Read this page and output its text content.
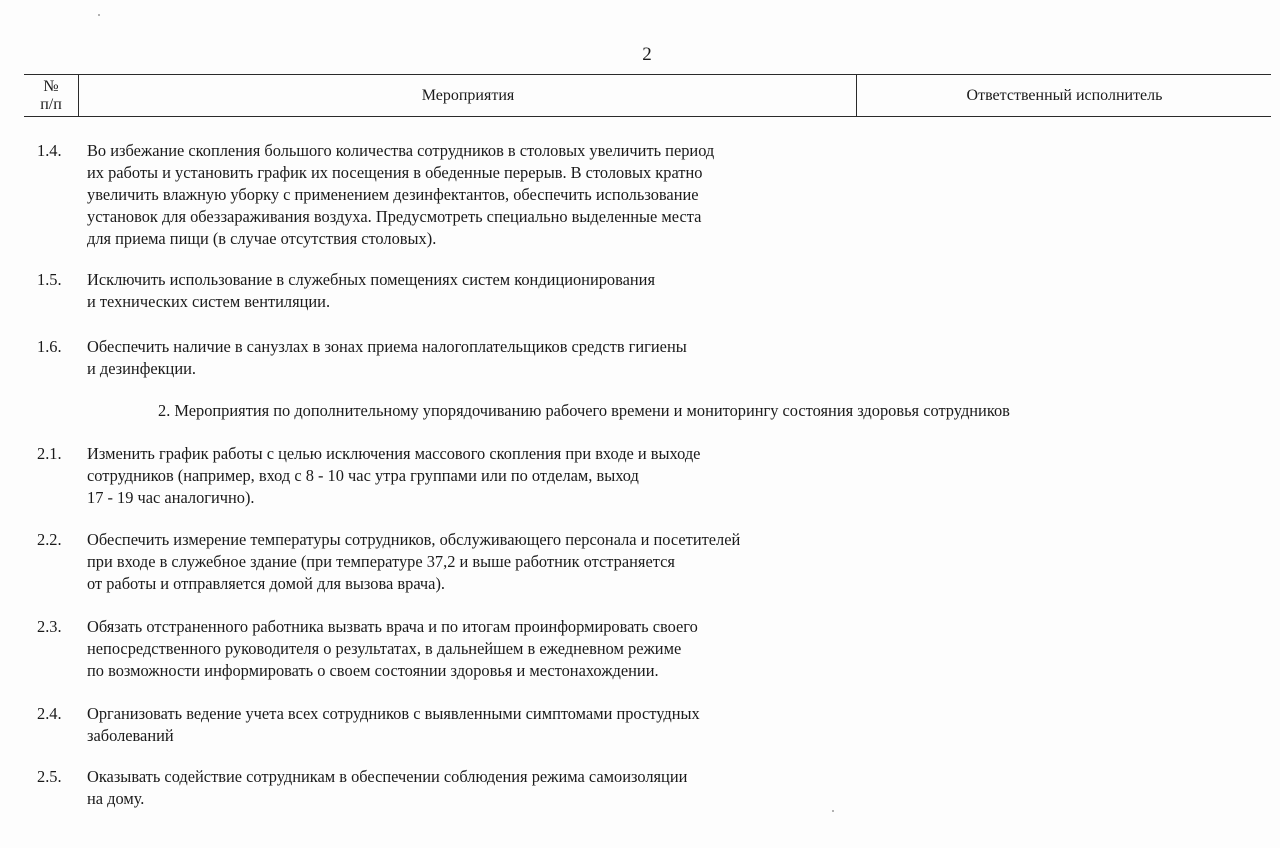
2
№
п/п	Мероприятия	Ответственный исполнитель
1.4.	Во избежание скопления большого количества сотрудников в столовых увеличить период
их работы и установить график их посещения в обеденные перерыв. В столовых кратно
увеличить влажную уборку с применением дезинфектантов, обеспечить использование
установок для обеззараживания воздуха. Предусмотреть специально выделенные места
для приема пищи (в случае отсутствия столовых).
1.5.	Исключить использование в служебных помещениях систем кондиционирования
и технических систем вентиляции.
1.6.	Обеспечить наличие в санузлах в зонах приема налогоплательщиков средств гигиены
и дезинфекции.
2. Мероприятия по дополнительному упорядочиванию рабочего времени и мониторингу состояния здоровья сотрудников
2.1.	Изменить график работы с целью исключения массового скопления при входе и выходе
сотрудников (например, вход с 8 - 10 час утра группами или по отделам, выход
17 - 19 час аналогично).
2.2.	Обеспечить измерение температуры сотрудников, обслуживающего персонала и посетителей
при входе в служебное здание (при температуре 37,2 и выше работник отстраняется
от работы и отправляется домой для вызова врача).
2.3.	Обязать отстраненного работника вызвать врача и по итогам проинформировать своего
непосредственного руководителя о результатах, в дальнейшем в ежедневном режиме
по возможности информировать о своем состоянии здоровья и местонахождении.
2.4.	Организовать ведение учета всех сотрудников с выявленными симптомами простудных
заболеваний
2.5.	Оказывать содействие сотрудникам в обеспечении соблюдения режима самоизоляции
на дому.
